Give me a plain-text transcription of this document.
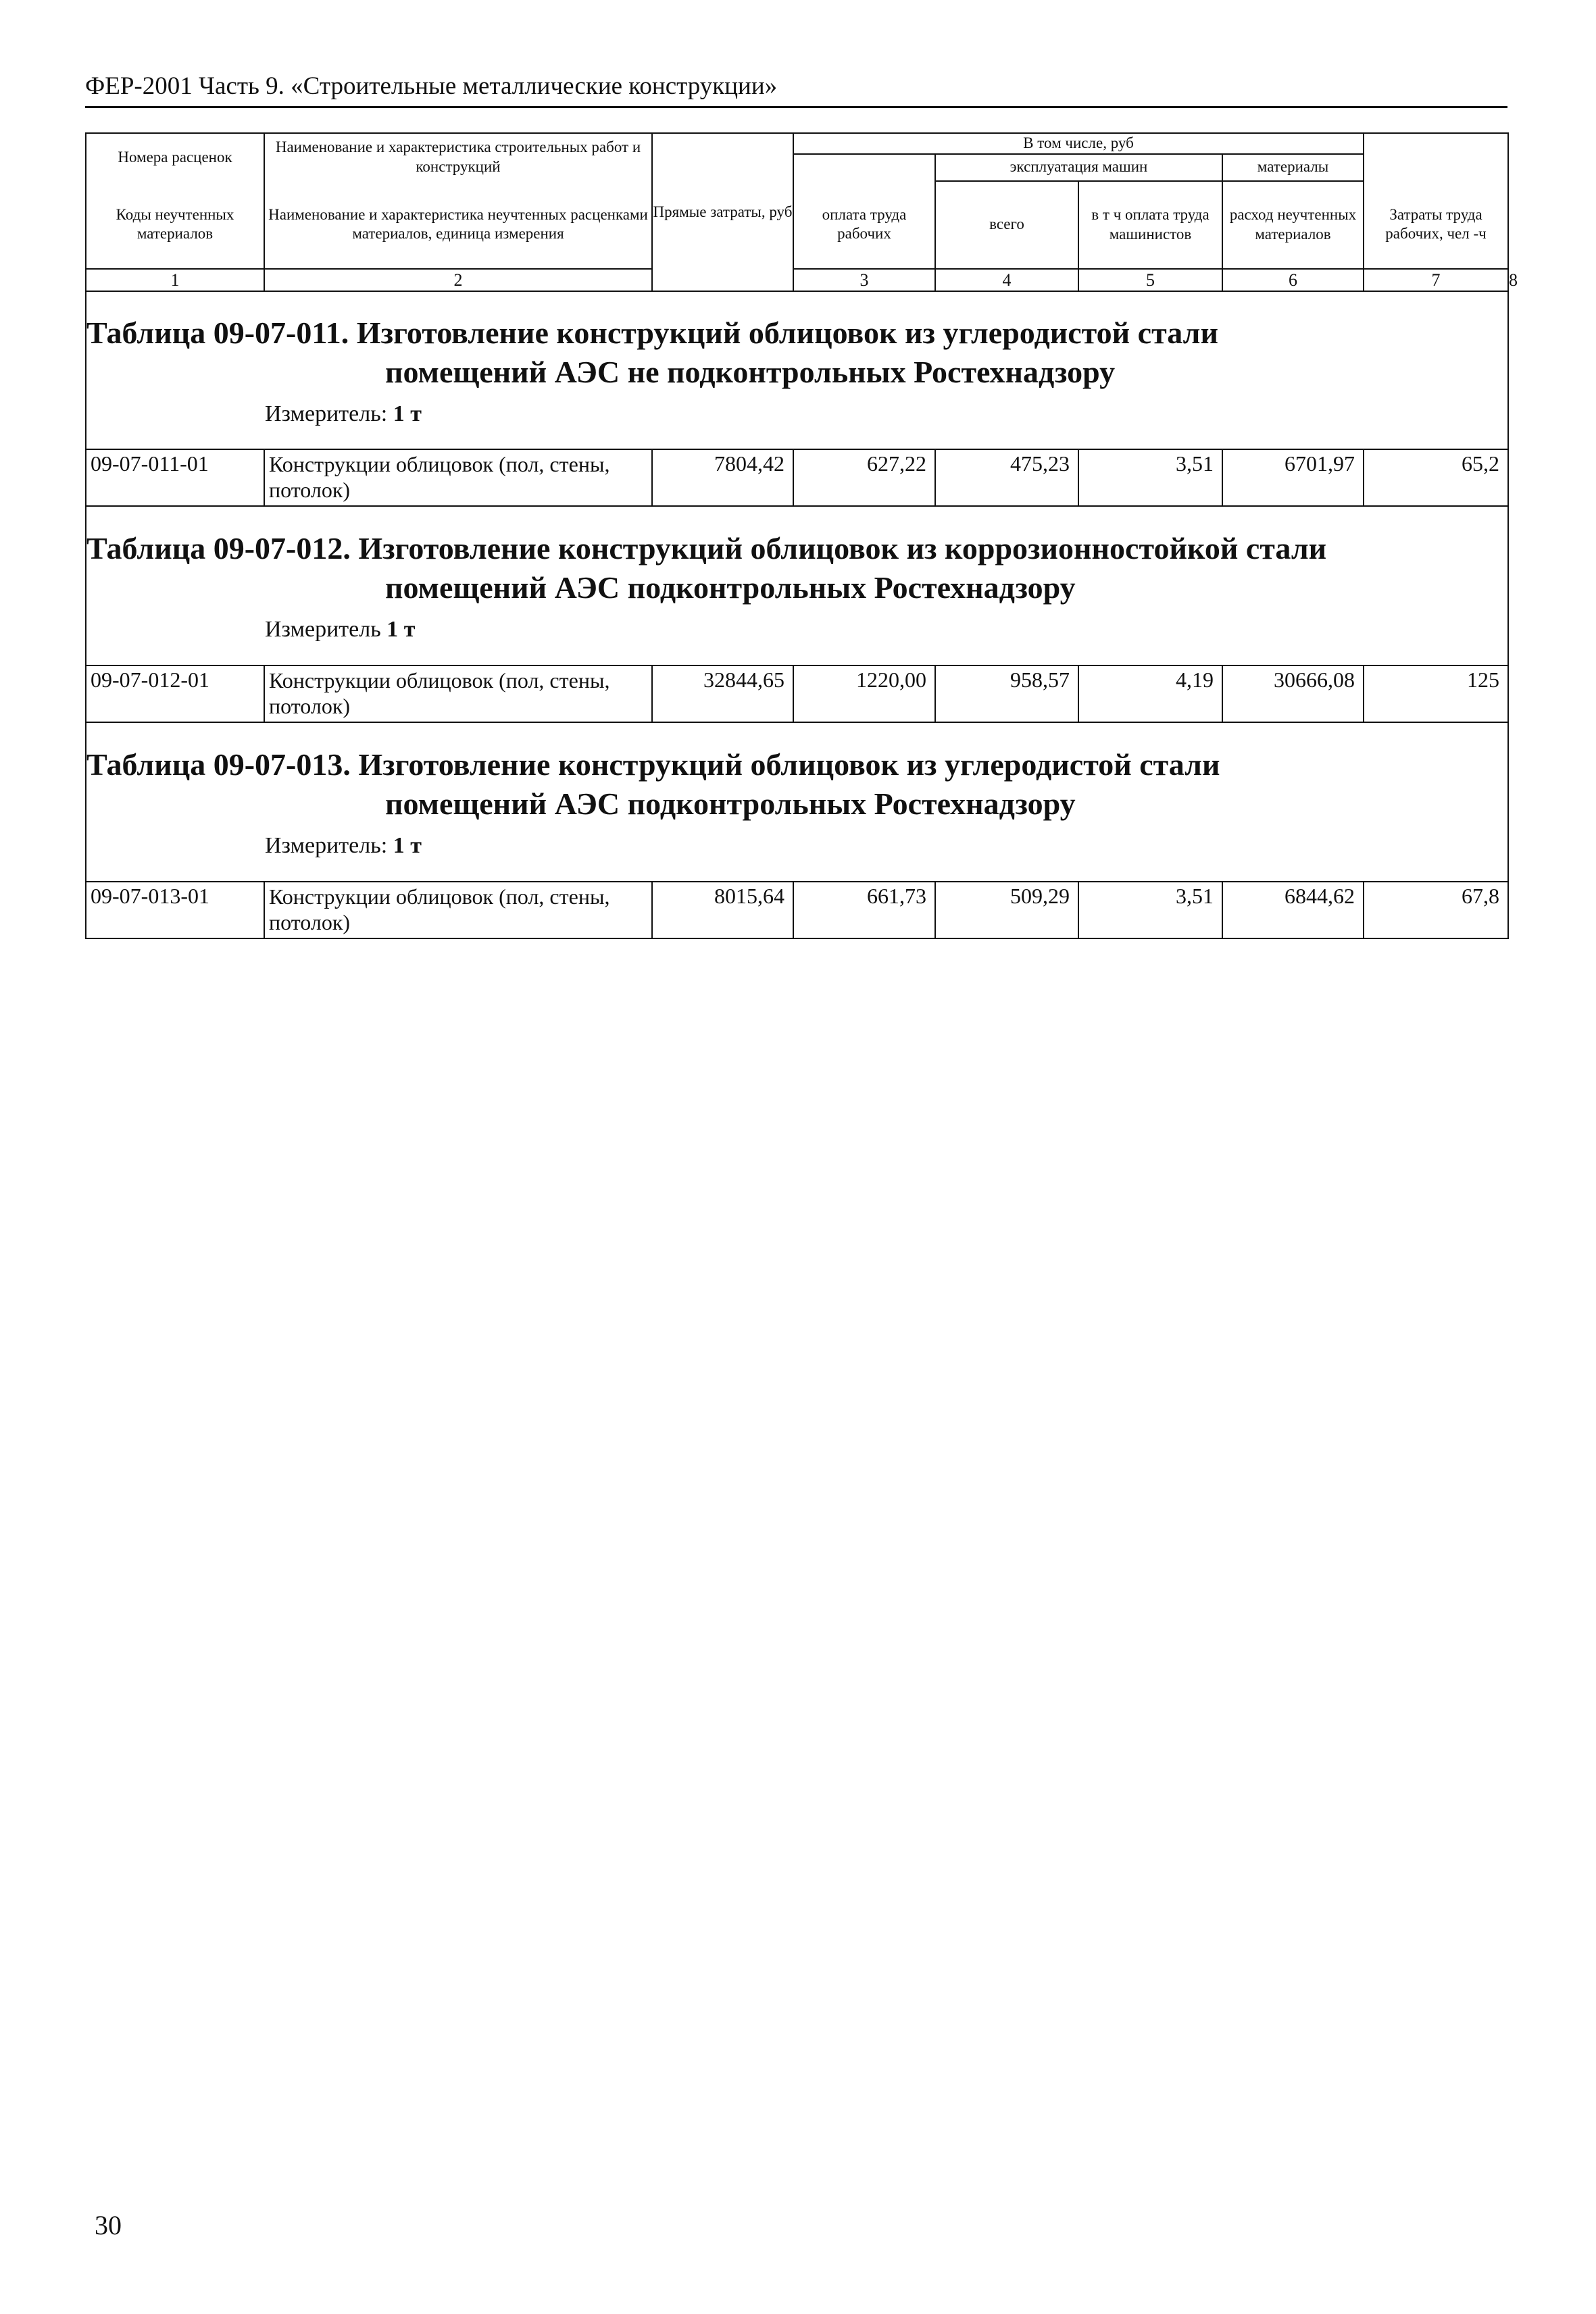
ФЕР-2001 Часть 9. «Строительные металлические конструкции»
Номера расценок	Наименование и характеристика строительных работ и конструкций	Прямые затраты, руб	В том числе, руб					
				эксплуатация машин		материалы		
Коды неучтенных материалов	Наименование и характеристика неучтенных расценками материалов, единица измерения		оплата труда рабочих	всего	в т ч оплата труда машинистов	расход неучтенных материалов	Затраты труда рабочих, чел -ч	
1	2		3	4	5	6	7	8

Таблица 09-07-011. Изготовление конструкций облицовок из углеродистой стали
помещений АЭС не подконтрольных Ростехнадзору
Измеритель: 1 т								

09-07-011-01	Конструкции облицовок (пол, стены, потолок)	7804,42	627,22	475,23	3,51	6701,97	65,2	

Таблица 09-07-012. Изготовление конструкций облицовок из коррозионностойкой стали
помещений АЭС подконтрольных Ростехнадзору
Измеритель 1 т								

09-07-012-01	Конструкции облицовок (пол, стены, потолок)	32844,65	1220,00	958,57	4,19	30666,08	125	

Таблица 09-07-013. Изготовление конструкций облицовок из углеродистой стали
помещений АЭС подконтрольных Ростехнадзору
Измеритель: 1 т								

09-07-013-01	Конструкции облицовок (пол, стены, потолок)	8015,64	661,73	509,29	3,51	6844,62	67,8	
30
